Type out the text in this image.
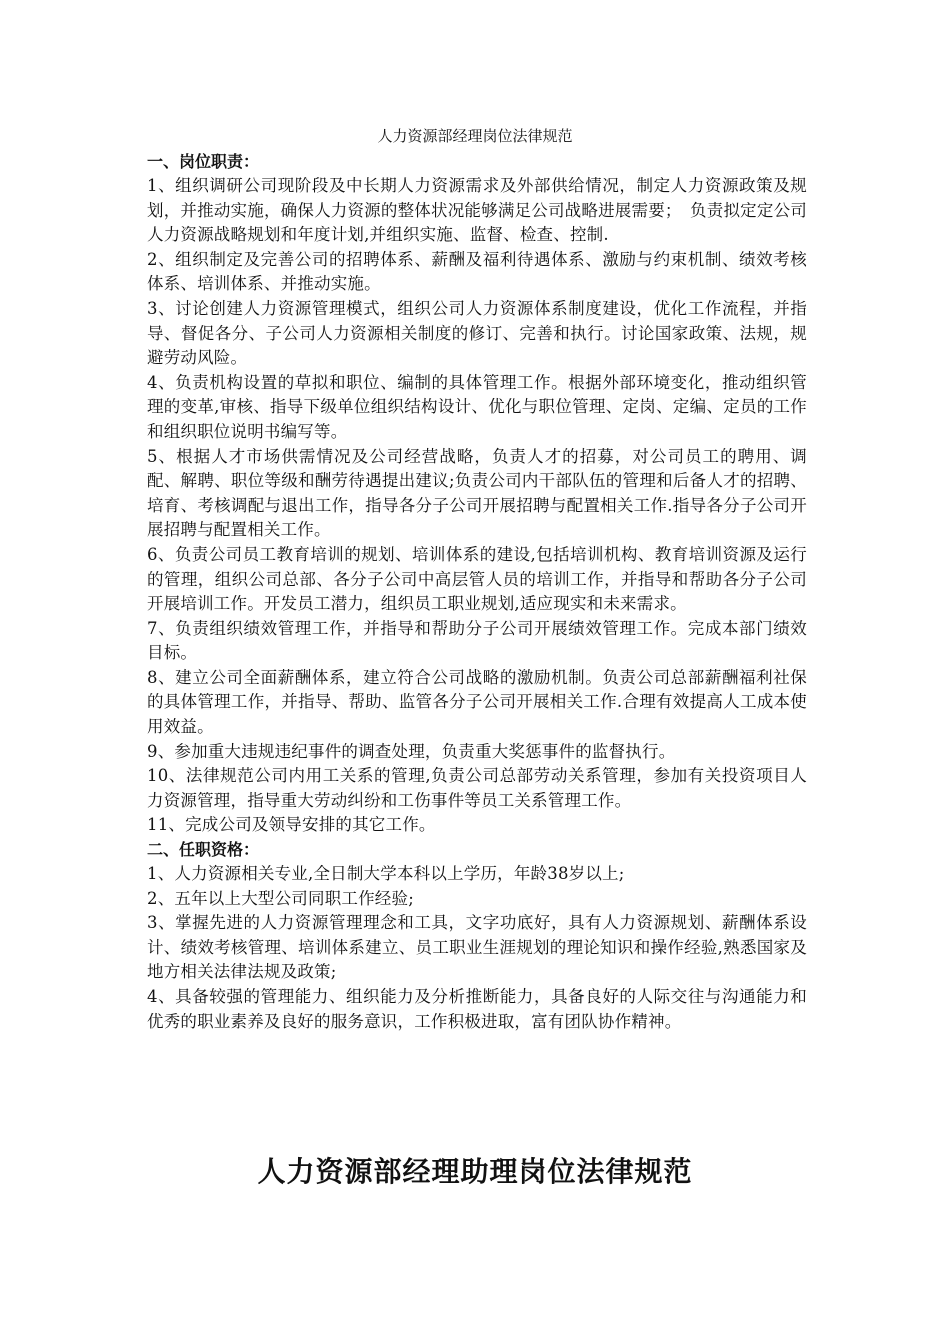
人力资源部经理岗位法律规范
一、岗位职责：

1、组织调研公司现阶段及中长期人力资源需求及外部供给情况，制定人力资源政策及规划，并推动实施，确保人力资源的整体状况能够满足公司战略进展需要；　负责拟定定公司人力资源战略规划和年度计划,并组织实施、监督、检查、控制.

2、组织制定及完善公司的招聘体系、薪酬及福利待遇体系、激励与约束机制、绩效考核体系、培训体系、并推动实施。

3、讨论创建人力资源管理模式，组织公司人力资源体系制度建设，优化工作流程，并指导、督促各分、子公司人力资源相关制度的修订、完善和执行。讨论国家政策、法规，规避劳动风险。

4、负责机构设置的草拟和职位、编制的具体管理工作。根据外部环境变化，推动组织管理的变革,审核、指导下级单位组织结构设计、优化与职位管理、定岗、定编、定员的工作和组织职位说明书编写等。

5、根据人才市场供需情况及公司经营战略，负责人才的招募，对公司员工的聘用、调配、解聘、职位等级和酬劳待遇提出建议;负责公司内干部队伍的管理和后备人才的招聘、培育、考核调配与退出工作，指导各分子公司开展招聘与配置相关工作.指导各分子公司开展招聘与配置相关工作。

6、负责公司员工教育培训的规划、培训体系的建设,包括培训机构、教育培训资源及运行的管理，组织公司总部、各分子公司中高层管人员的培训工作，并指导和帮助各分子公司开展培训工作。开发员工潜力，组织员工职业规划,适应现实和未来需求。

7、负责组织绩效管理工作，并指导和帮助分子公司开展绩效管理工作。完成本部门绩效目标。

8、建立公司全面薪酬体系，建立符合公司战略的激励机制。负责公司总部薪酬福利社保的具体管理工作，并指导、帮助、监管各分子公司开展相关工作.合理有效提高人工成本使用效益。

9、参加重大违规违纪事件的调查处理，负责重大奖惩事件的监督执行。

10、法律规范公司内用工关系的管理,负责公司总部劳动关系管理，参加有关投资项目人力资源管理，指导重大劳动纠纷和工伤事件等员工关系管理工作。

11、完成公司及领导安排的其它工作。

二、任职资格：

1、人力资源相关专业,全日制大学本科以上学历，年龄38岁以上;

2、五年以上大型公司同职工作经验;

3、掌握先进的人力资源管理理念和工具，文字功底好，具有人力资源规划、薪酬体系设计、绩效考核管理、培训体系建立、员工职业生涯规划的理论知识和操作经验,熟悉国家及地方相关法律法规及政策;

4、具备较强的管理能力、组织能力及分析推断能力，具备良好的人际交往与沟通能力和优秀的职业素养及良好的服务意识，工作积极进取，富有团队协作精神。

人力资源部经理助理岗位法律规范
